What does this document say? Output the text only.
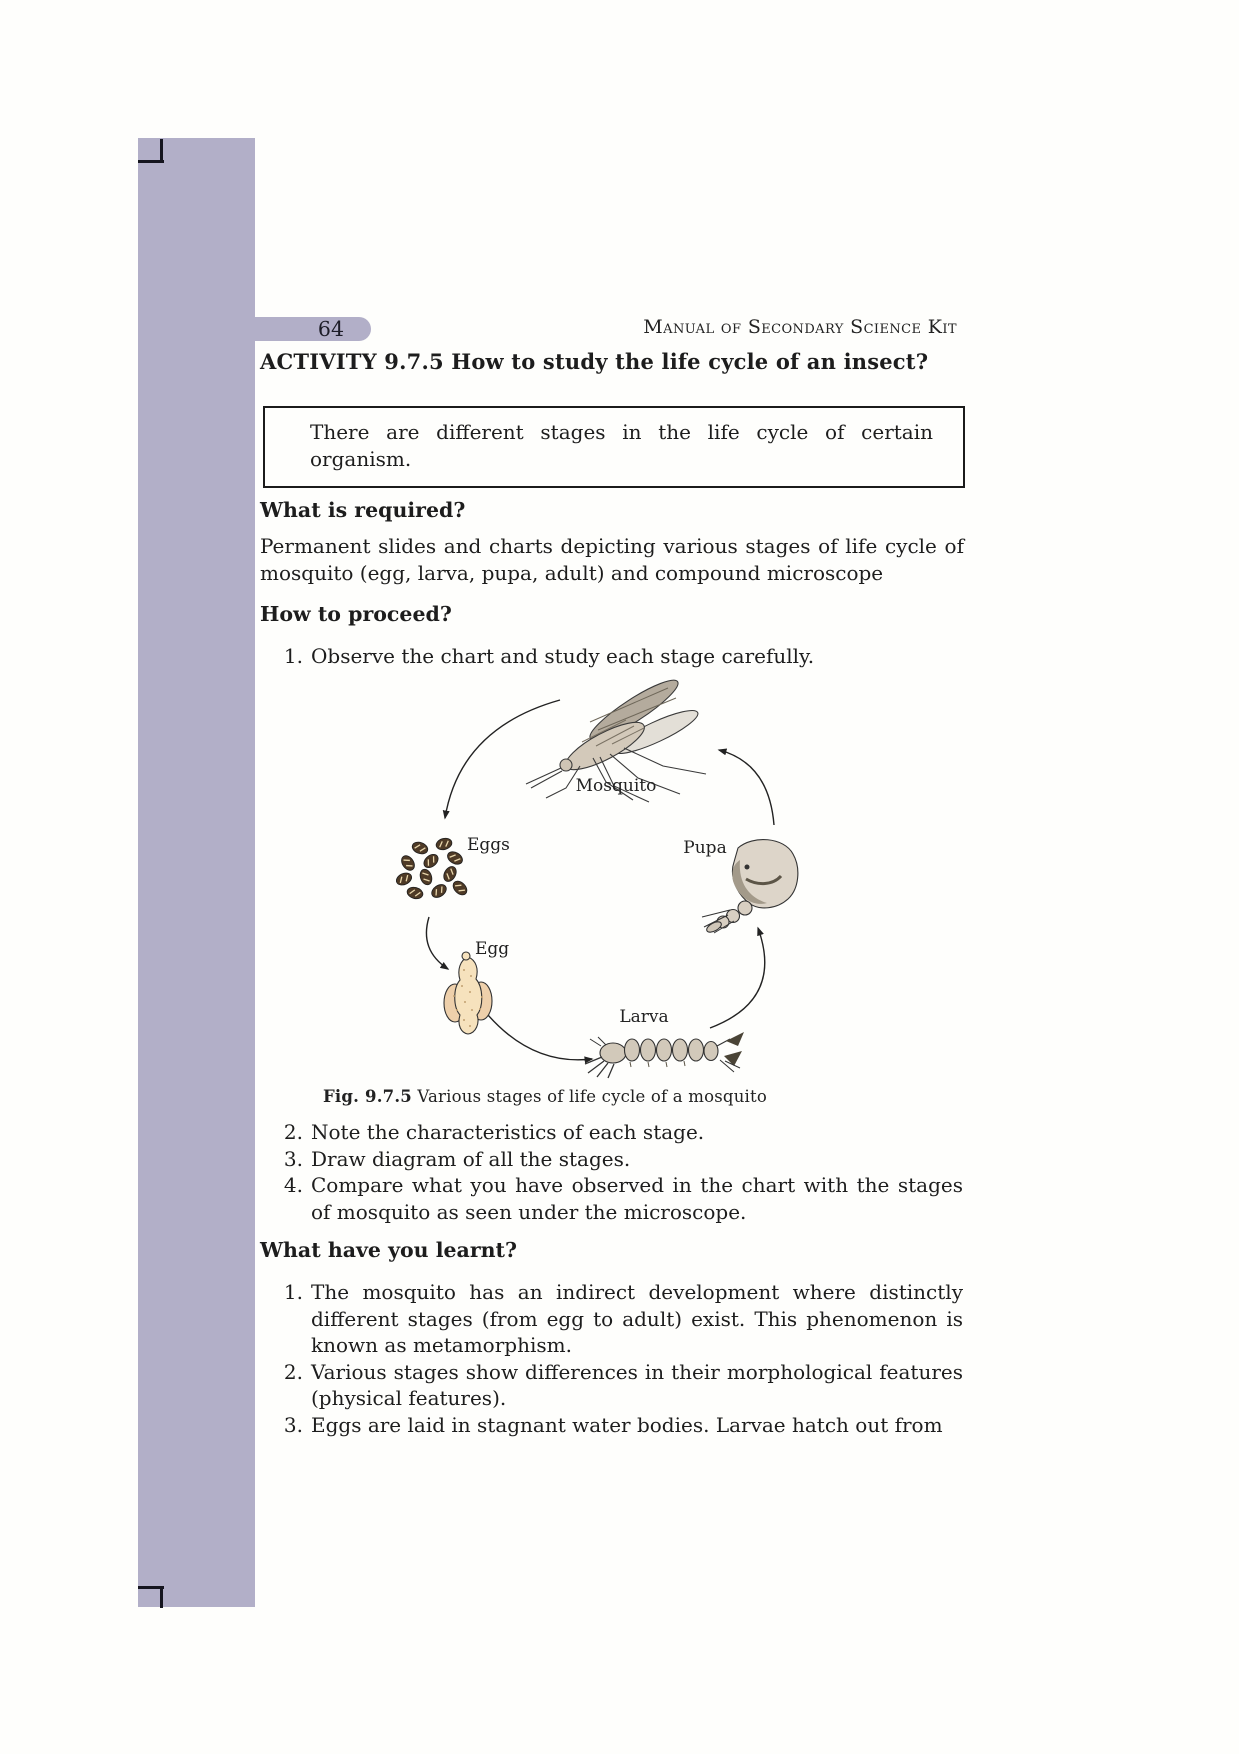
64	Manual of Secondary Science Kit
ACTIVITY 9.7.5 How to study the life cycle of an insect?

There are different stages in the life cycle of certain organism.

What is required?

Permanent slides and charts depicting various stages of life cycle of mosquito (egg, larva, pupa, adult) and compound microscope

How to proceed?
1. Observe the chart and study each stage carefully.
Mosquito
Eggs
Egg
Larva
Pupa
Fig. 9.7.5 Various stages of life cycle of a mosquito
2. Note the characteristics of each stage.
3. Draw diagram of all the stages.
4. Compare what you have observed in the chart with the stages of mosquito as seen under the microscope.
What have you learnt?
1. The mosquito has an indirect development where distinctly different stages (from egg to adult) exist. This phenomenon is known as metamorphism.
2. Various stages show differences in their morphological features (physical features).
3. Eggs are laid in stagnant water bodies. Larvae hatch out from
